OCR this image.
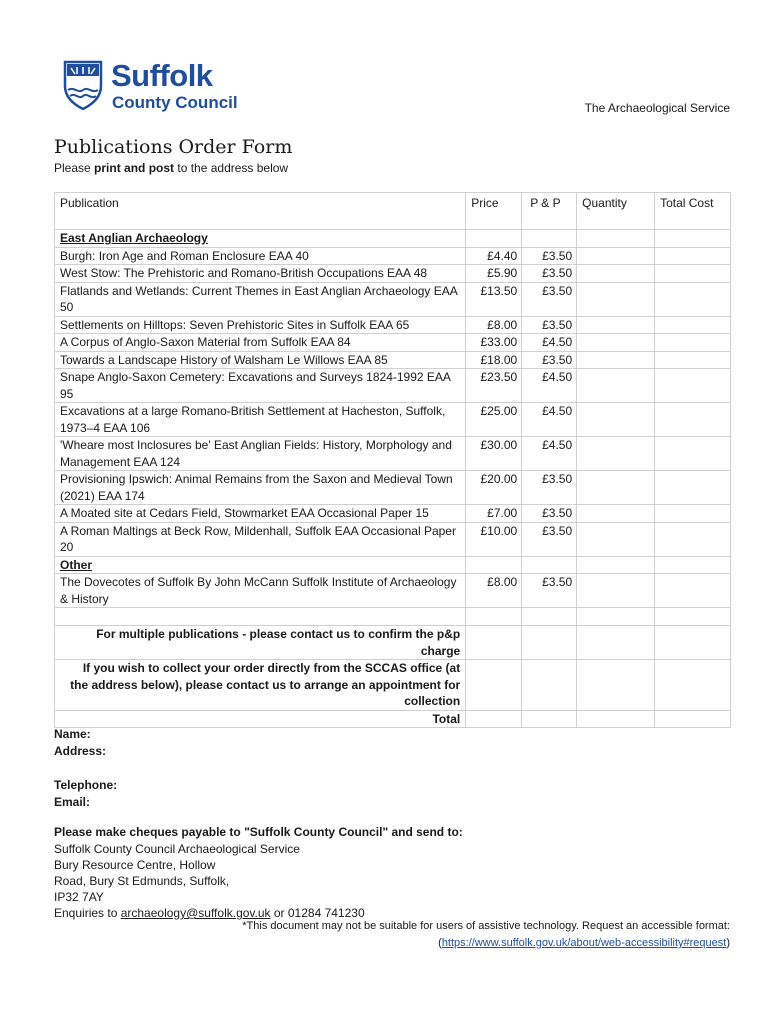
Suffolk
County Council	The Archaeological Service
Publications Order Form
Please print and post to the address below
Publication	Price	P & P	Quantity	Total Cost
East Anglian Archaeology				
Burgh: Iron Age and Roman Enclosure EAA 40	£4.40	£3.50		
West Stow: The Prehistoric and Romano-British Occupations EAA 48	£5.90	£3.50		
Flatlands and Wetlands: Current Themes in East Anglian Archaeology EAA 50	£13.50	£3.50		
Settlements on Hilltops: Seven Prehistoric Sites in Suffolk EAA 65	£8.00	£3.50		
A Corpus of Anglo-Saxon Material from Suffolk EAA 84	£33.00	£4.50		
Towards a Landscape History of Walsham Le Willows EAA 85	£18.00	£3.50		
Snape Anglo-Saxon Cemetery: Excavations and Surveys 1824-1992 EAA 95	£23.50	£4.50		
Excavations at a large Romano-British Settlement at Hacheston, Suffolk, 1973–4 EAA 106	£25.00	£4.50		
'Wheare most Inclosures be' East Anglian Fields: History, Morphology and Management EAA 124	£30.00	£4.50		
Provisioning Ipswich: Animal Remains from the Saxon and Medieval Town (2021) EAA 174	£20.00	£3.50		
A Moated site at Cedars Field, Stowmarket EAA Occasional Paper 15	£7.00	£3.50		
A Roman Maltings at Beck Row, Mildenhall, Suffolk EAA Occasional Paper 20	£10.00	£3.50		
Other				
The Dovecotes of Suffolk By John McCann Suffolk Institute of Archaeology & History	£8.00	£3.50		

For multiple publications - please contact us to confirm the p&p charge				
If you wish to collect your order directly from the SCCAS office (at the address below), please contact us to arrange an appointment for collection				
Total				
Name:
Address:
Telephone:
Email:
Please make cheques payable to "Suffolk County Council" and send to:
Suffolk County Council Archaeological Service
Bury Resource Centre, Hollow
Road, Bury St Edmunds, Suffolk,
IP32 7AY
Enquiries to archaeology@suffolk.gov.uk or 01284 741230
*This document may not be suitable for users of assistive technology. Request an accessible format:
(https://www.suffolk.gov.uk/about/web-accessibility#request)
